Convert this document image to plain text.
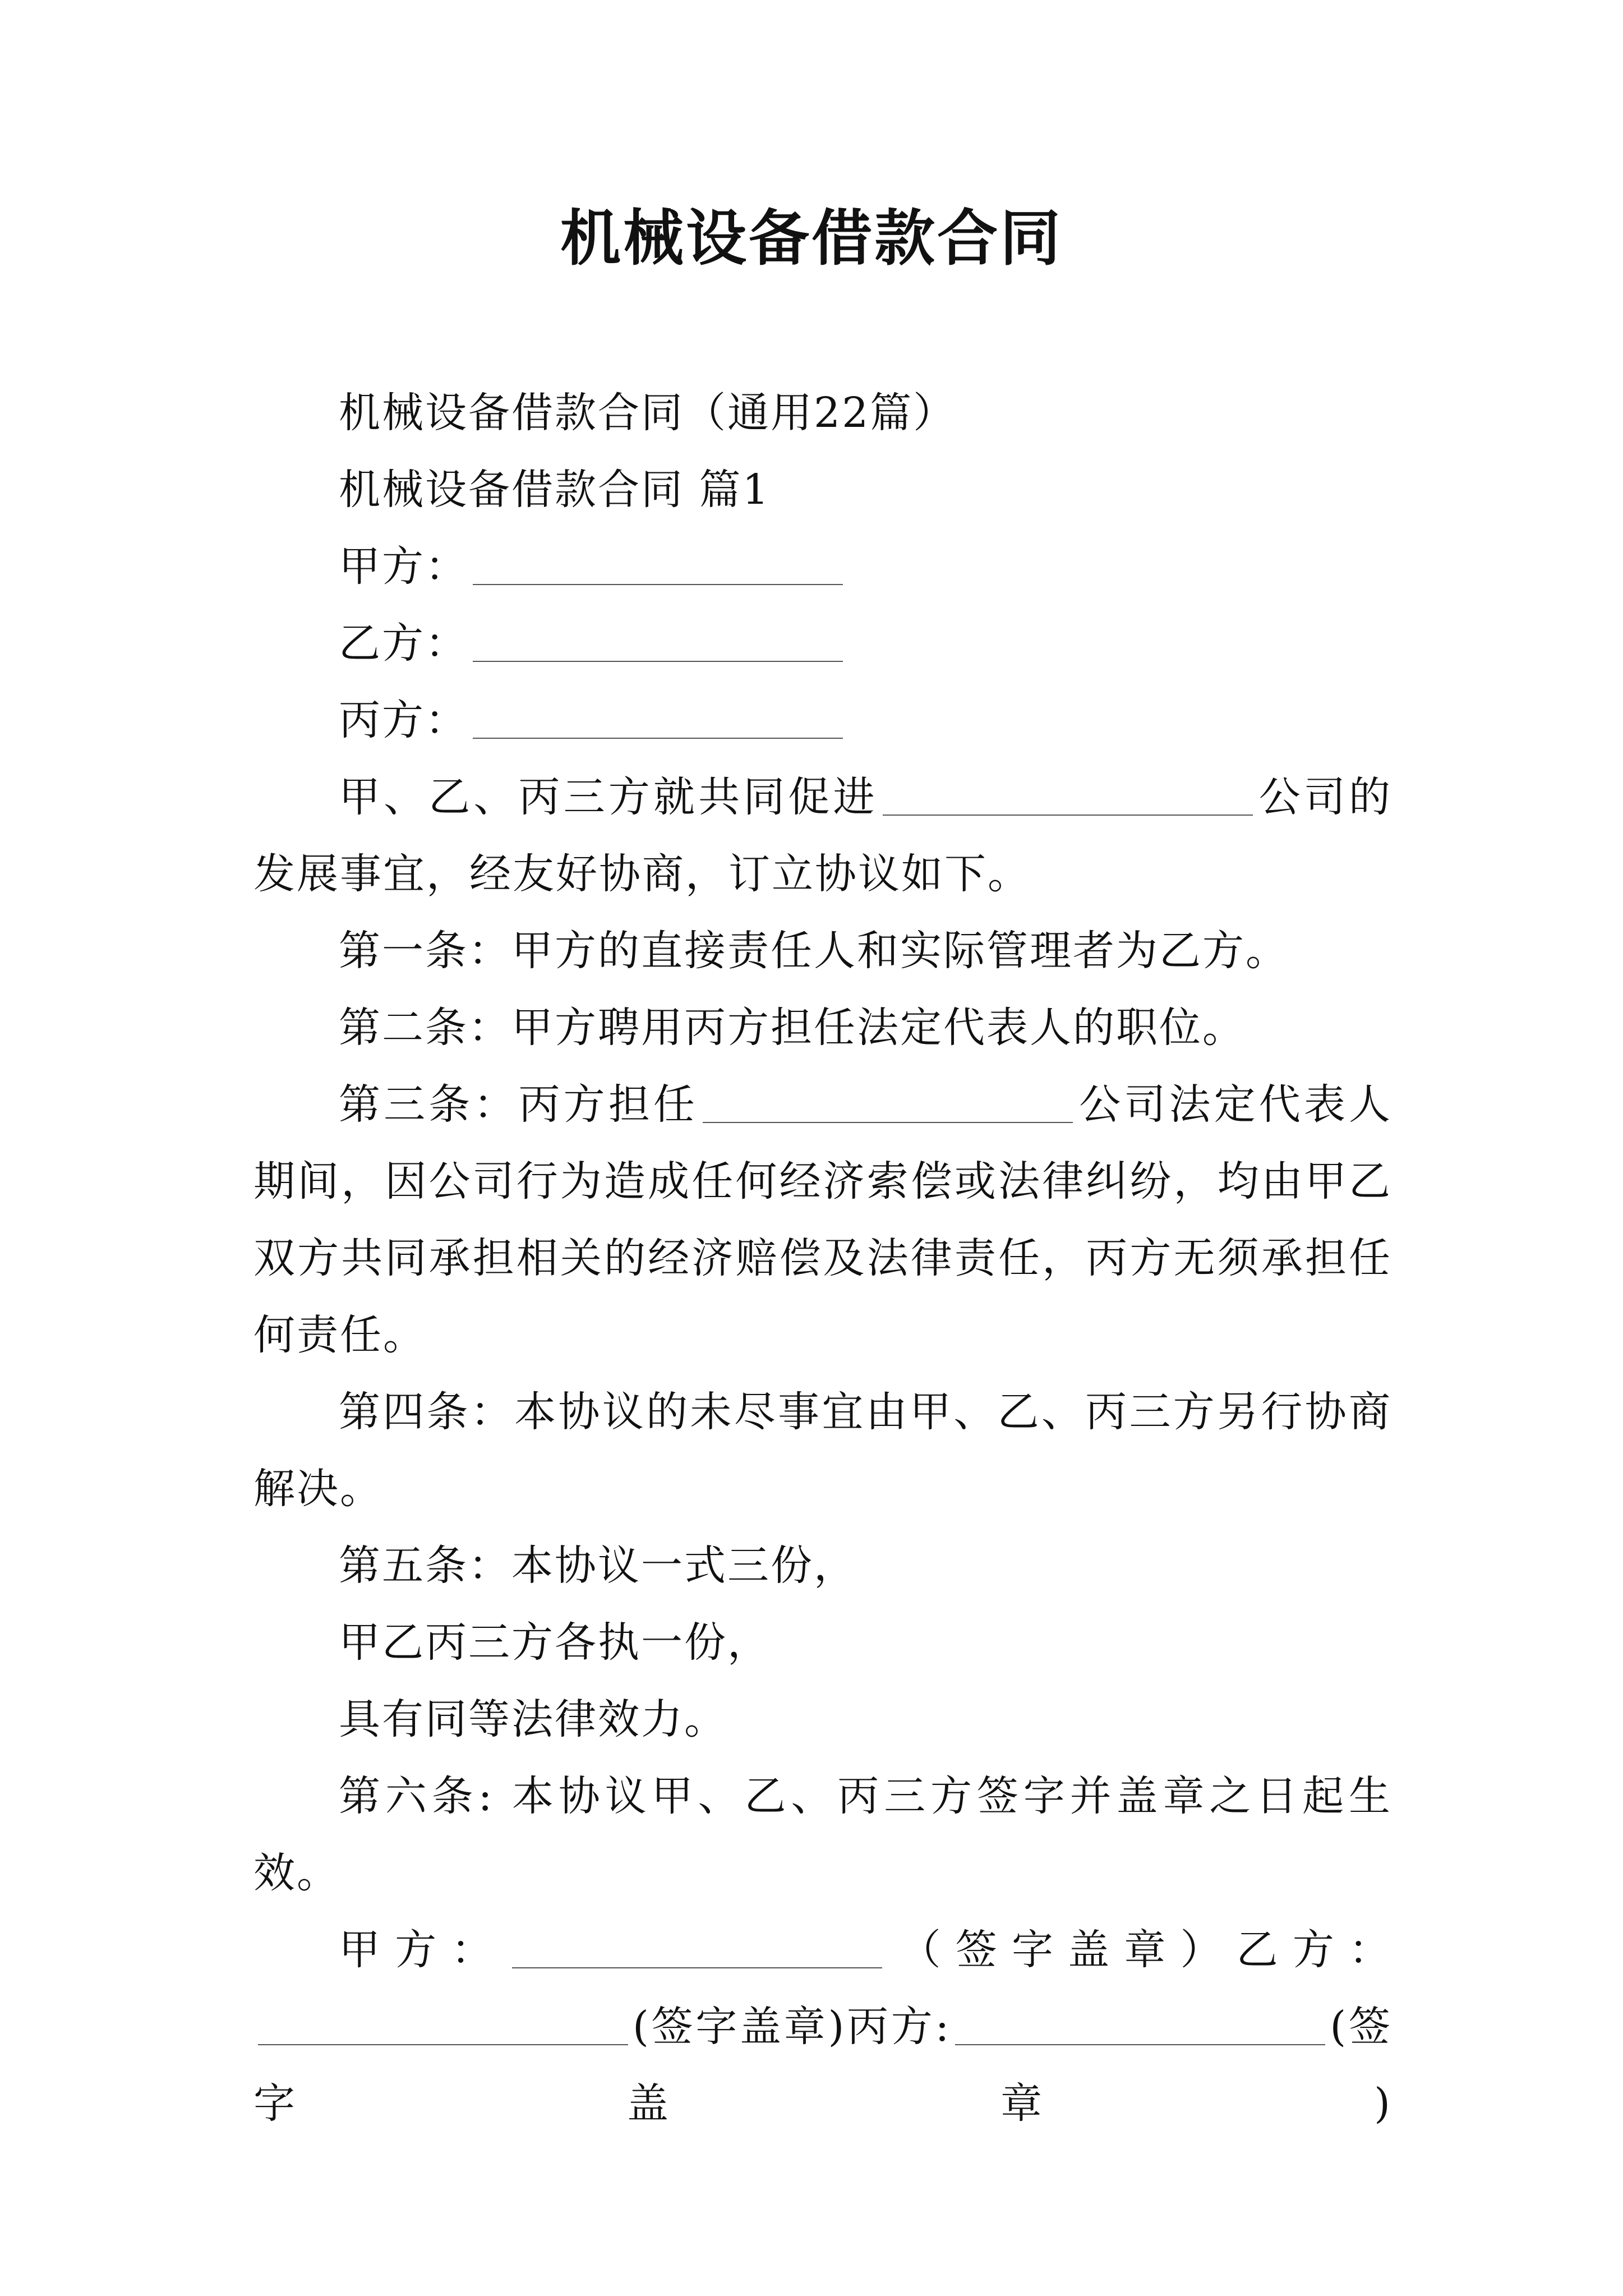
机械设备借款合同

机械设备借款合同（通用22篇）

机械设备借款合同 篇1

甲方：

乙方：

丙方：

甲、乙、丙三方就共同促进	公司的发展事宜，经友好协商，订立协议如下。

第一条：甲方的直接责任人和实际管理者为乙方。

第二条：甲方聘用丙方担任法定代表人的职位。

第三条：丙方担任	公司法定代表人期间，因公司行为造成任何经济索偿或法律纠纷，均由甲乙双方共同承担相关的经济赔偿及法律责任，丙方无须承担任何责任。

第四条：本协议的未尽事宜由甲、乙、丙三方另行协商解决。

第五条：本协议一式三份，

甲乙丙三方各执一份，

具有同等法律效力。

第六条: 本协议甲、乙、丙三方签字并盖章之日起生效。

甲方：	（签字盖章）乙方：

(签字盖章)丙方:	(签字盖章)
